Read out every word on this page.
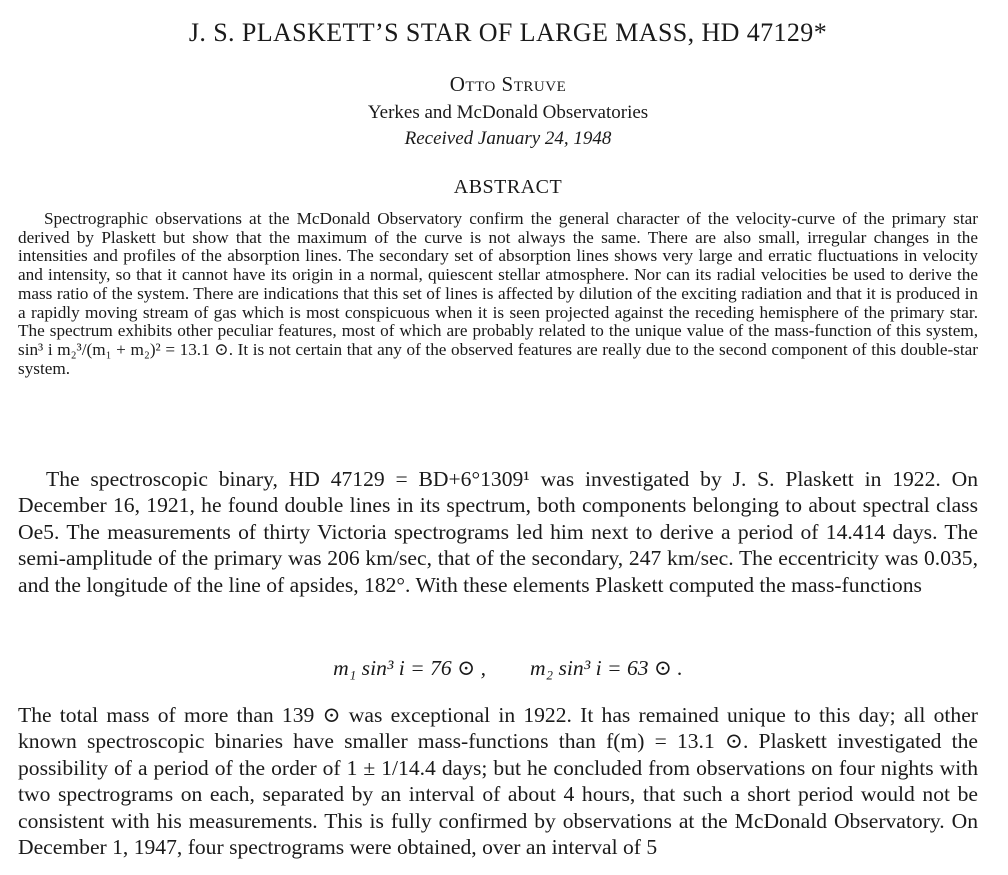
J. S. PLASKETT’S STAR OF LARGE MASS, HD 47129*
Otto Struve
Yerkes and McDonald Observatories
Received January 24, 1948
ABSTRACT

Spectrographic observations at the McDonald Observatory confirm the general character of the velocity-curve of the primary star derived by Plaskett but show that the maximum of the curve is not always the same. There are also small, irregular changes in the intensities and profiles of the absorption lines. The secondary set of absorption lines shows very large and erratic fluctuations in velocity and intensity, so that it cannot have its origin in a normal, quiescent stellar atmosphere. Nor can its radial velocities be used to derive the mass ratio of the system. There are indications that this set of lines is affected by dilution of the exciting radiation and that it is produced in a rapidly moving stream of gas which is most conspicuous when it is seen projected against the receding hemisphere of the primary star. The spectrum exhibits other peculiar features, most of which are probably related to the unique value of the mass-function of this system, sin³ i m₂³/(m₁ + m₂)² = 13.1 ⊙. It is not certain that any of the observed features are really due to the second component of this double-star system.

The spectroscopic binary, HD 47129 = BD+6°1309¹ was investigated by J. S. Plaskett in 1922. On December 16, 1921, he found double lines in its spectrum, both components belonging to about spectral class Oe5. The measurements of thirty Victoria spectrograms led him next to derive a period of 14.414 days. The semi-amplitude of the primary was 206 km/sec, that of the secondary, 247 km/sec. The eccentricity was 0.035, and the longitude of the line of apsides, 182°. With these elements Plaskett computed the mass-functions

m₁ sin³ i = 76 ⊙ , m₂ sin³ i = 63 ⊙ .

The total mass of more than 139 ⊙ was exceptional in 1922. It has remained unique to this day; all other known spectroscopic binaries have smaller mass-functions than f(m) = 13.1 ⊙. Plaskett investigated the possibility of a period of the order of 1 ± 1/14.4 days; but he concluded from observations on four nights with two spectrograms on each, separated by an interval of about 4 hours, that such a short period would not be consistent with his measurements. This is fully confirmed by observations at the McDonald Observatory. On December 1, 1947, four spectrograms were obtained, over an interval of 5
